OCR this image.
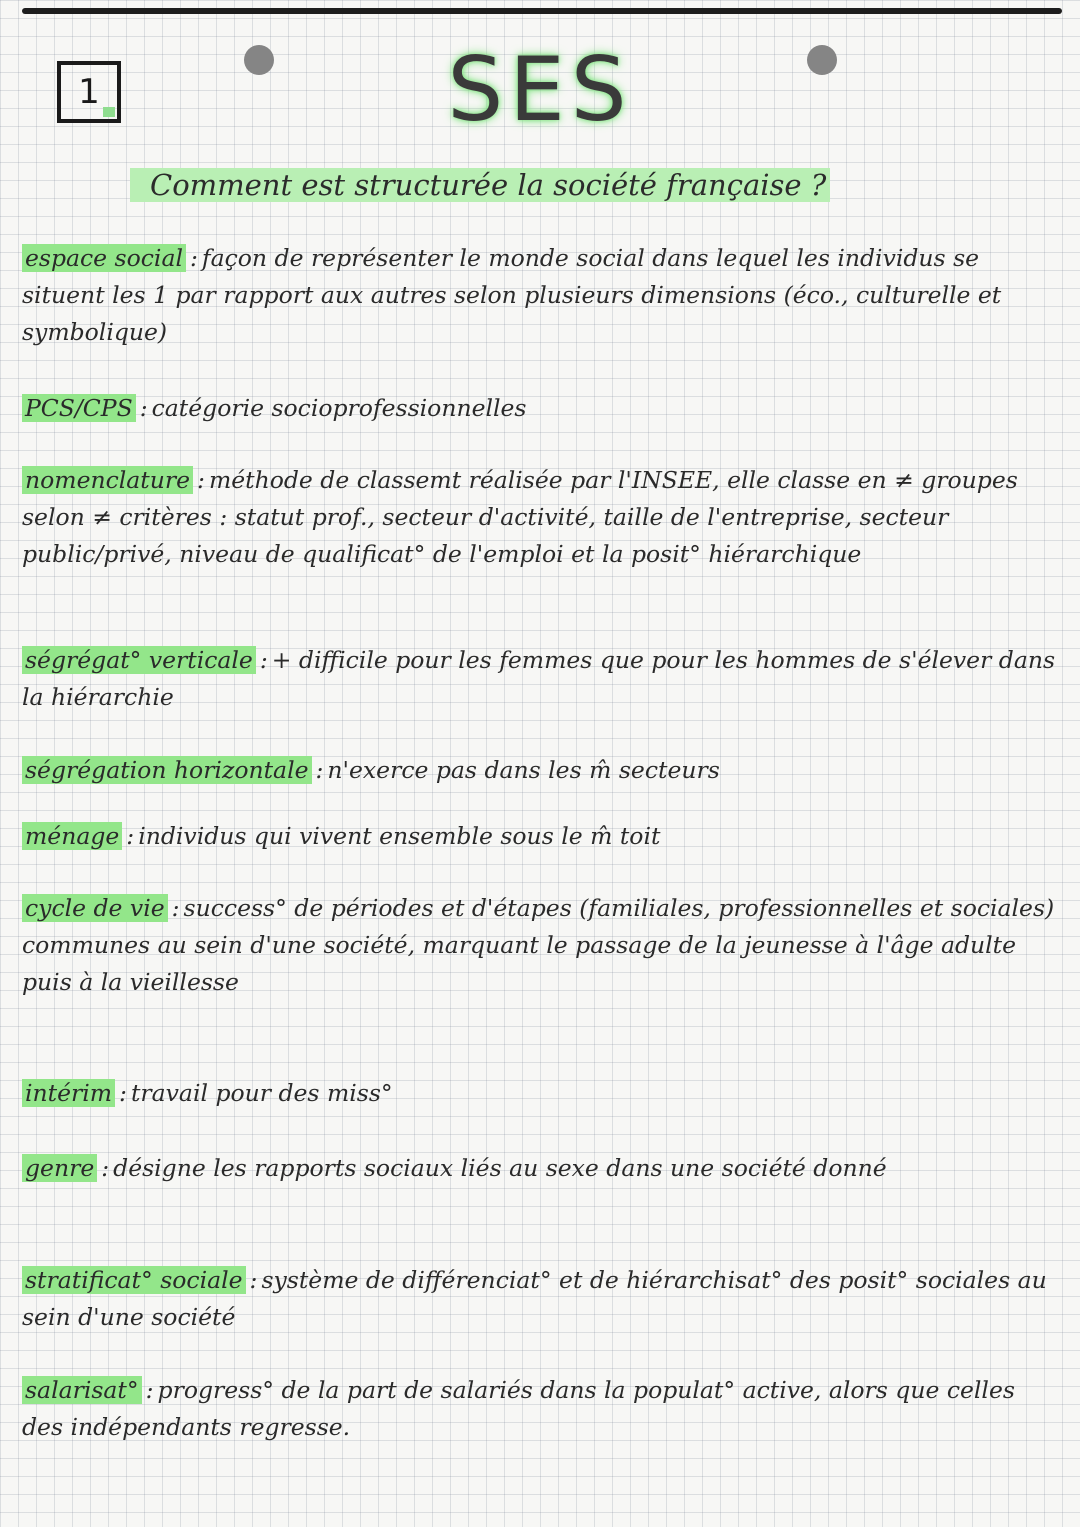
1	SES
Comment est structurée la société française ?
espace social : façon de représenter le monde social dans lequel les individus se situent les 1 par rapport aux autres selon plusieurs dimensions (éco., culturelle et symbolique)
PCS/CPS : catégorie socioprofessionnelles
nomenclature : méthode de classemt réalisée par l'INSEE, elle classe en ≠ groupes selon ≠ critères : statut prof., secteur d'activité, taille de l'entreprise, secteur public/privé, niveau de qualificat° de l'emploi et la posit° hiérarchique
ségrégat° verticale : + difficile pour les femmes que pour les hommes de s'élever dans la hiérarchie
ségrégation horizontale : n'exerce pas dans les m̂ secteurs
ménage : individus qui vivent ensemble sous le m̂ toit
cycle de vie : success° de périodes et d'étapes (familiales, professionnelles et sociales) communes au sein d'une société, marquant le passage de la jeunesse à l'âge adulte puis à la vieillesse
intérim : travail pour des miss°
genre : désigne les rapports sociaux liés au sexe dans une société donné
stratificat° sociale : système de différenciat° et de hiérarchisat° des posit° sociales au sein d'une société
salarisat° : progress° de la part de salariés dans la populat° active, alors que celles des indépendants regresse.
